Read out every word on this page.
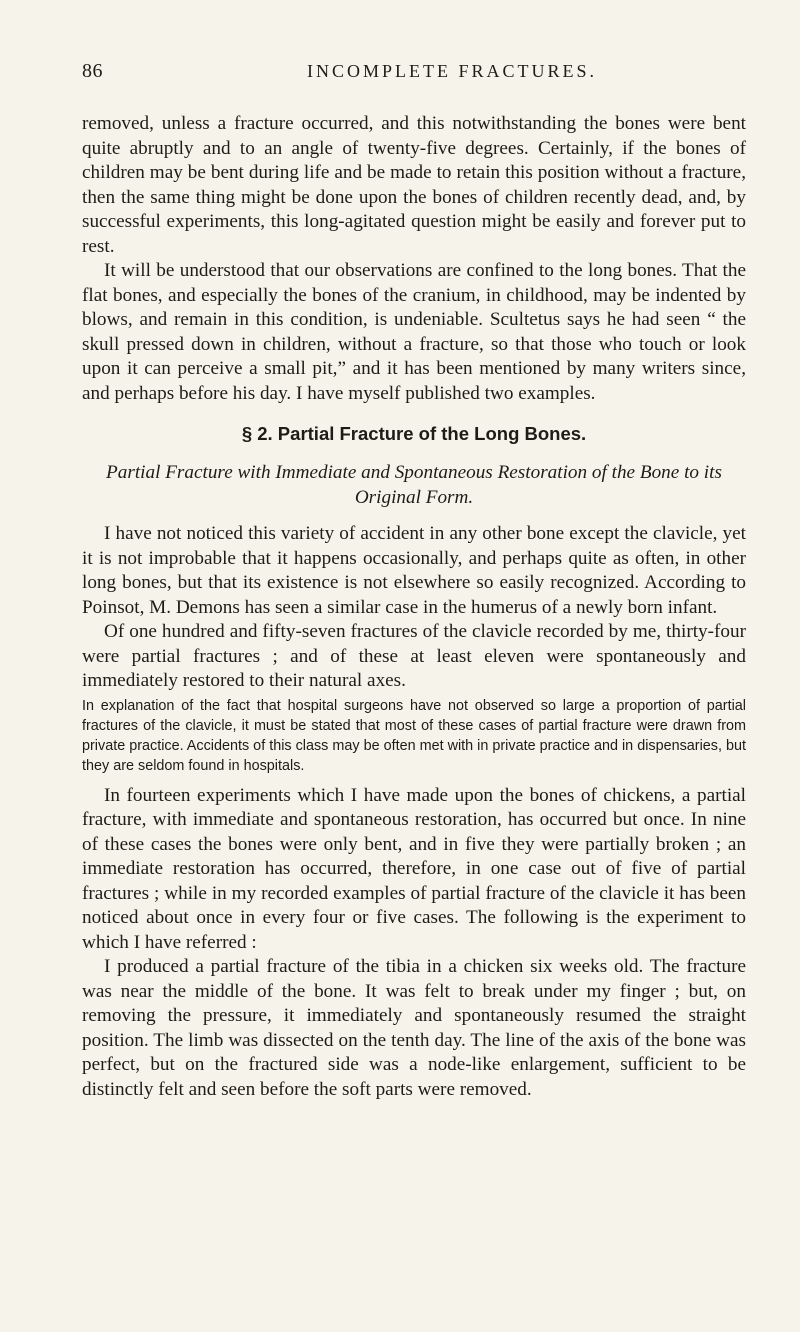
86	INCOMPLETE FRACTURES.

removed, unless a fracture occurred, and this notwithstanding the bones were bent quite abruptly and to an angle of twenty-five degrees. Certainly, if the bones of children may be bent during life and be made to retain this position without a fracture, then the same thing might be done upon the bones of children recently dead, and, by successful experiments, this long-agitated question might be easily and forever put to rest.

It will be understood that our observations are confined to the long bones. That the flat bones, and especially the bones of the cranium, in childhood, may be indented by blows, and remain in this condition, is undeniable. Scultetus says he had seen “ the skull pressed down in children, without a fracture, so that those who touch or look upon it can perceive a small pit,” and it has been mentioned by many writers since, and perhaps before his day. I have myself published two examples.

§ 2. Partial Fracture of the Long Bones.
Partial Fracture with Immediate and Spontaneous Restoration of the Bone to its Original Form.

I have not noticed this variety of accident in any other bone except the clavicle, yet it is not improbable that it happens occasionally, and perhaps quite as often, in other long bones, but that its existence is not elsewhere so easily recognized. According to Poinsot, M. Demons has seen a similar case in the humerus of a newly born infant.

Of one hundred and fifty-seven fractures of the clavicle recorded by me, thirty-four were partial fractures ; and of these at least eleven were spontaneously and immediately restored to their natural axes.

In explanation of the fact that hospital surgeons have not observed so large a proportion of partial fractures of the clavicle, it must be stated that most of these cases of partial fracture were drawn from private practice. Accidents of this class may be often met with in private practice and in dispensaries, but they are seldom found in hospitals.

In fourteen experiments which I have made upon the bones of chickens, a partial fracture, with immediate and spontaneous restoration, has occurred but once. In nine of these cases the bones were only bent, and in five they were partially broken ; an immediate restoration has occurred, therefore, in one case out of five of partial fractures ; while in my recorded examples of partial fracture of the clavicle it has been noticed about once in every four or five cases. The following is the experiment to which I have referred :

I produced a partial fracture of the tibia in a chicken six weeks old. The fracture was near the middle of the bone. It was felt to break under my finger ; but, on removing the pressure, it immediately and spontaneously resumed the straight position. The limb was dissected on the tenth day. The line of the axis of the bone was perfect, but on the fractured side was a node-like enlargement, sufficient to be distinctly felt and seen before the soft parts were removed.
